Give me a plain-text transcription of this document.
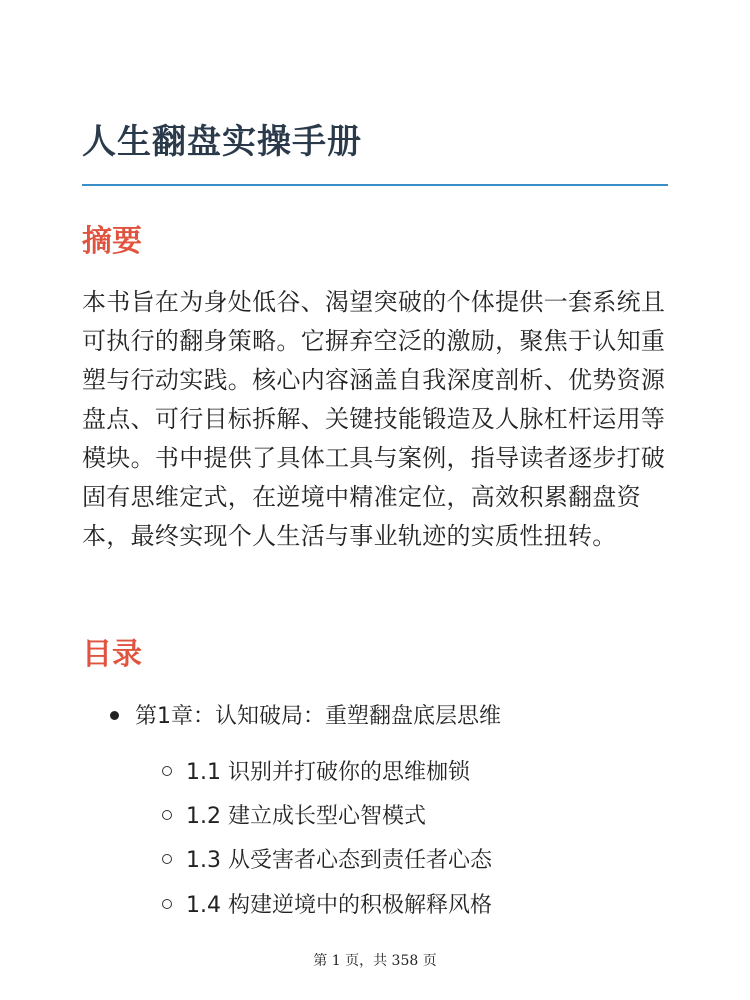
人生翻盘实操手册
摘要

本书旨在为身处低谷、渴望突破的个体提供一套系统且可执行的翻身策略。它摒弃空泛的激励，聚焦于认知重塑与行动实践。核心内容涵盖自我深度剖析、优势资源盘点、可行目标拆解、关键技能锻造及人脉杠杆运用等模块。书中提供了具体工具与案例，指导读者逐步打破固有思维定式，在逆境中精准定位，高效积累翻盘资本，最终实现个人生活与事业轨迹的实质性扭转。

目录
第1章：认知破局：重塑翻盘底层思维
1.1 识别并打破你的思维枷锁
1.2 建立成长型心智模式
1.3 从受害者心态到责任者心态
1.4 构建逆境中的积极解释风格
第 1 页，共 358 页
